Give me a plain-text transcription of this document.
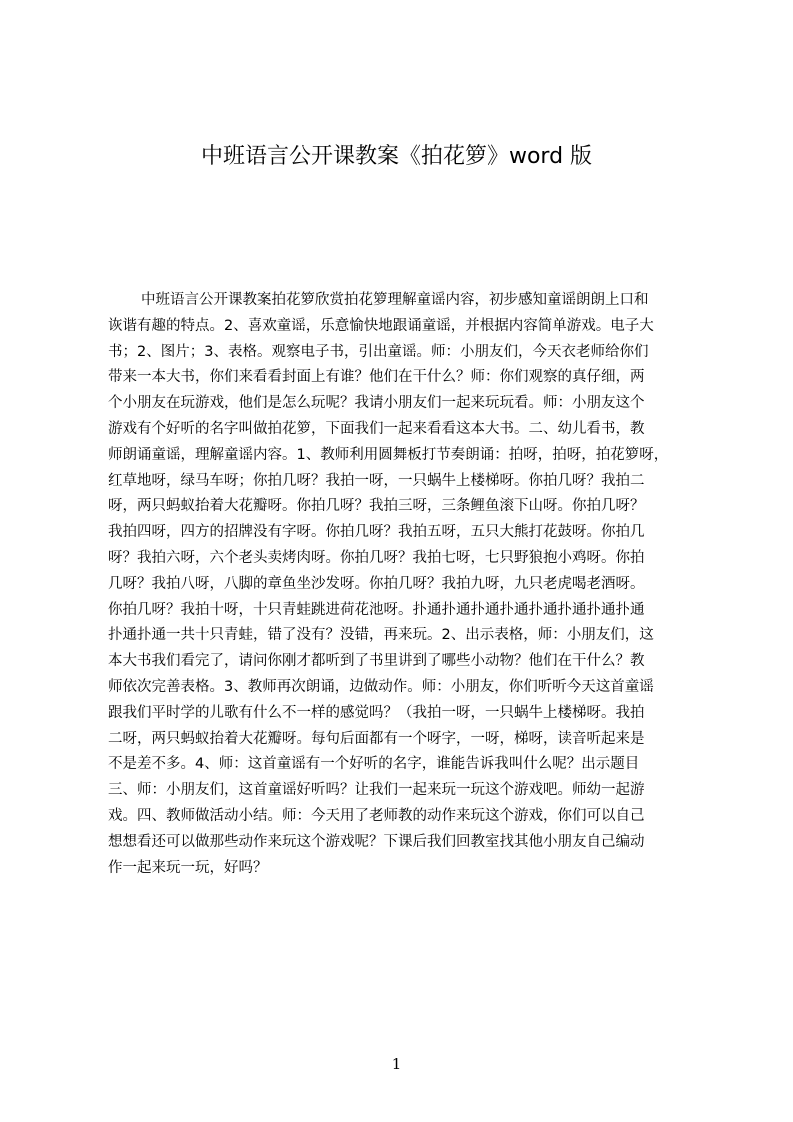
中班语言公开课教案《拍花箩》word 版
中班语言公开课教案拍花箩欣赏拍花箩理解童谣内容，初步感知童谣朗朗上口和
诙谐有趣的特点。2、喜欢童谣，乐意愉快地跟诵童谣，并根据内容简单游戏。电子大
书；2、图片；3、表格。观察电子书，引出童谣。师：小朋友们，今天衣老师给你们
带来一本大书，你们来看看封面上有谁？他们在干什么？师：你们观察的真仔细，两
个小朋友在玩游戏，他们是怎么玩呢？我请小朋友们一起来玩玩看。师：小朋友这个
游戏有个好听的名字叫做拍花箩，下面我们一起来看看这本大书。二、幼儿看书，教
师朗诵童谣，理解童谣内容。1、教师利用圆舞板打节奏朗诵：拍呀，拍呀，拍花箩呀，
红草地呀，绿马车呀；你拍几呀？我拍一呀，一只蜗牛上楼梯呀。你拍几呀？我拍二
呀，两只蚂蚁抬着大花瓣呀。你拍几呀？我拍三呀，三条鲤鱼滚下山呀。你拍几呀？
我拍四呀，四方的招牌没有字呀。你拍几呀？我拍五呀，五只大熊打花鼓呀。你拍几
呀？我拍六呀，六个老头卖烤肉呀。你拍几呀？我拍七呀，七只野狼抱小鸡呀。你拍
几呀？我拍八呀，八脚的章鱼坐沙发呀。你拍几呀？我拍九呀，九只老虎喝老酒呀。
你拍几呀？我拍十呀，十只青蛙跳进荷花池呀。扑通扑通扑通扑通扑通扑通扑通扑通
扑通扑通一共十只青蛙，错了没有？没错，再来玩。2、出示表格，师：小朋友们，这
本大书我们看完了，请问你刚才都听到了书里讲到了哪些小动物？他们在干什么？教
师依次完善表格。3、教师再次朗诵，边做动作。师：小朋友，你们听听今天这首童谣
跟我们平时学的儿歌有什么不一样的感觉吗？（我拍一呀，一只蜗牛上楼梯呀。我拍
二呀，两只蚂蚁抬着大花瓣呀。每句后面都有一个呀字，一呀，梯呀，读音听起来是
不是差不多。4、师：这首童谣有一个好听的名字，谁能告诉我叫什么呢？出示题目
三、师：小朋友们，这首童谣好听吗？让我们一起来玩一玩这个游戏吧。师幼一起游
戏。四、教师做活动小结。师：今天用了老师教的动作来玩这个游戏，你们可以自己
想想看还可以做那些动作来玩这个游戏呢？下课后我们回教室找其他小朋友自己编动
作一起来玩一玩，好吗？
1
